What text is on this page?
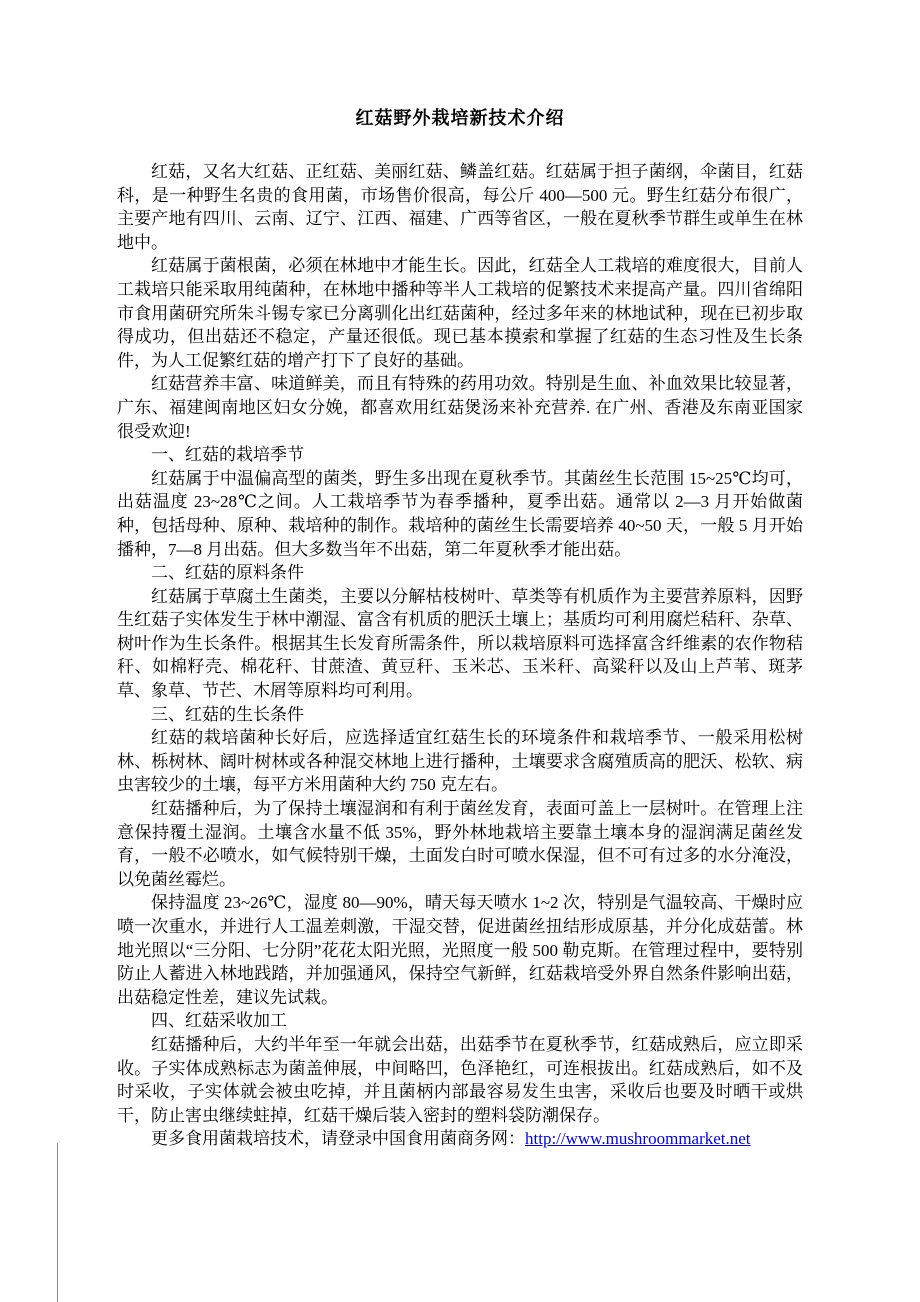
红菇野外栽培新技术介绍

红菇，又名大红菇、正红菇、美丽红菇、鳞盖红菇。红菇属于担子菌纲，伞菌目，红菇科，是一种野生名贵的食用菌，市场售价很高，每公斤 400—500 元。野生红菇分布很广，主要产地有四川、云南、辽宁、江西、福建、广西等省区，一般在夏秋季节群生或单生在林地中。

红菇属于菌根菌，必须在林地中才能生长。因此，红菇全人工栽培的难度很大，目前人工栽培只能采取用纯菌种，在林地中播种等半人工栽培的促繁技术来提高产量。四川省绵阳市食用菌研究所朱斗锡专家已分离驯化出红菇菌种，经过多年来的林地试种，现在已初步取得成功，但出菇还不稳定，产量还很低。现已基本摸索和掌握了红菇的生态习性及生长条件，为人工促繁红菇的增产打下了良好的基础。

红菇营养丰富、味道鲜美，而且有特殊的药用功效。特别是生血、补血效果比较显著，广东、福建闽南地区妇女分娩，都喜欢用红菇煲汤来补充营养. 在广州、香港及东南亚国家很受欢迎!

一、红菇的栽培季节

红菇属于中温偏高型的菌类，野生多出现在夏秋季节。其菌丝生长范围 15~25℃均可，出菇温度 23~28℃之间。人工栽培季节为春季播种，夏季出菇。通常以 2—3 月开始做菌种，包括母种、原种、栽培种的制作。栽培种的菌丝生长需要培养 40~50 天，一般 5 月开始播种，7—8 月出菇。但大多数当年不出菇，第二年夏秋季才能出菇。

二、红菇的原料条件

红菇属于草腐土生菌类，主要以分解枯枝树叶、草类等有机质作为主要营养原料，因野生红菇子实体发生于林中潮湿、富含有机质的肥沃土壤上；基质均可利用腐烂秸秆、杂草、树叶作为生长条件。根据其生长发育所需条件，所以栽培原料可选择富含纤维素的农作物秸秆、如棉籽壳、棉花秆、甘蔗渣、黄豆秆、玉米芯、玉米秆、高粱秆以及山上芦苇、斑茅草、象草、节芒、木屑等原料均可利用。

三、红菇的生长条件

红菇的栽培菌种长好后，应选择适宜红菇生长的环境条件和栽培季节、一般采用松树林、栎树林、阔叶树林或各种混交林地上进行播种，土壤要求含腐殖质高的肥沃、松软、病虫害较少的土壤，每平方米用菌种大约 750 克左右。

红菇播种后，为了保持土壤湿润和有利于菌丝发育，表面可盖上一层树叶。在管理上注意保持覆土湿润。土壤含水量不低 35%，野外林地栽培主要靠土壤本身的湿润满足菌丝发育，一般不必喷水，如气候特别干燥，土面发白时可喷水保湿，但不可有过多的水分淹没，以免菌丝霉烂。

保持温度 23~26℃，湿度 80—90%，晴天每天喷水 1~2 次，特别是气温较高、干燥时应喷一次重水，并进行人工温差刺激，干湿交替，促进菌丝扭结形成原基，并分化成菇蕾。林地光照以“三分阳、七分阴”花花太阳光照，光照度一般 500 勒克斯。在管理过程中，要特别防止人蓄进入林地践踏，并加强通风，保持空气新鲜，红菇栽培受外界自然条件影响出菇，出菇稳定性差，建议先试栽。

四、红菇采收加工

红菇播种后，大约半年至一年就会出菇，出菇季节在夏秋季节，红菇成熟后，应立即采收。子实体成熟标志为菌盖伸展，中间略凹，色泽艳红，可连根拔出。红菇成熟后，如不及时采收，子实体就会被虫吃掉，并且菌柄内部最容易发生虫害，采收后也要及时晒干或烘干，防止害虫继续蛀掉，红菇干燥后装入密封的塑料袋防潮保存。

更多食用菌栽培技术，请登录中国食用菌商务网：http://www.mushroommarket.net
